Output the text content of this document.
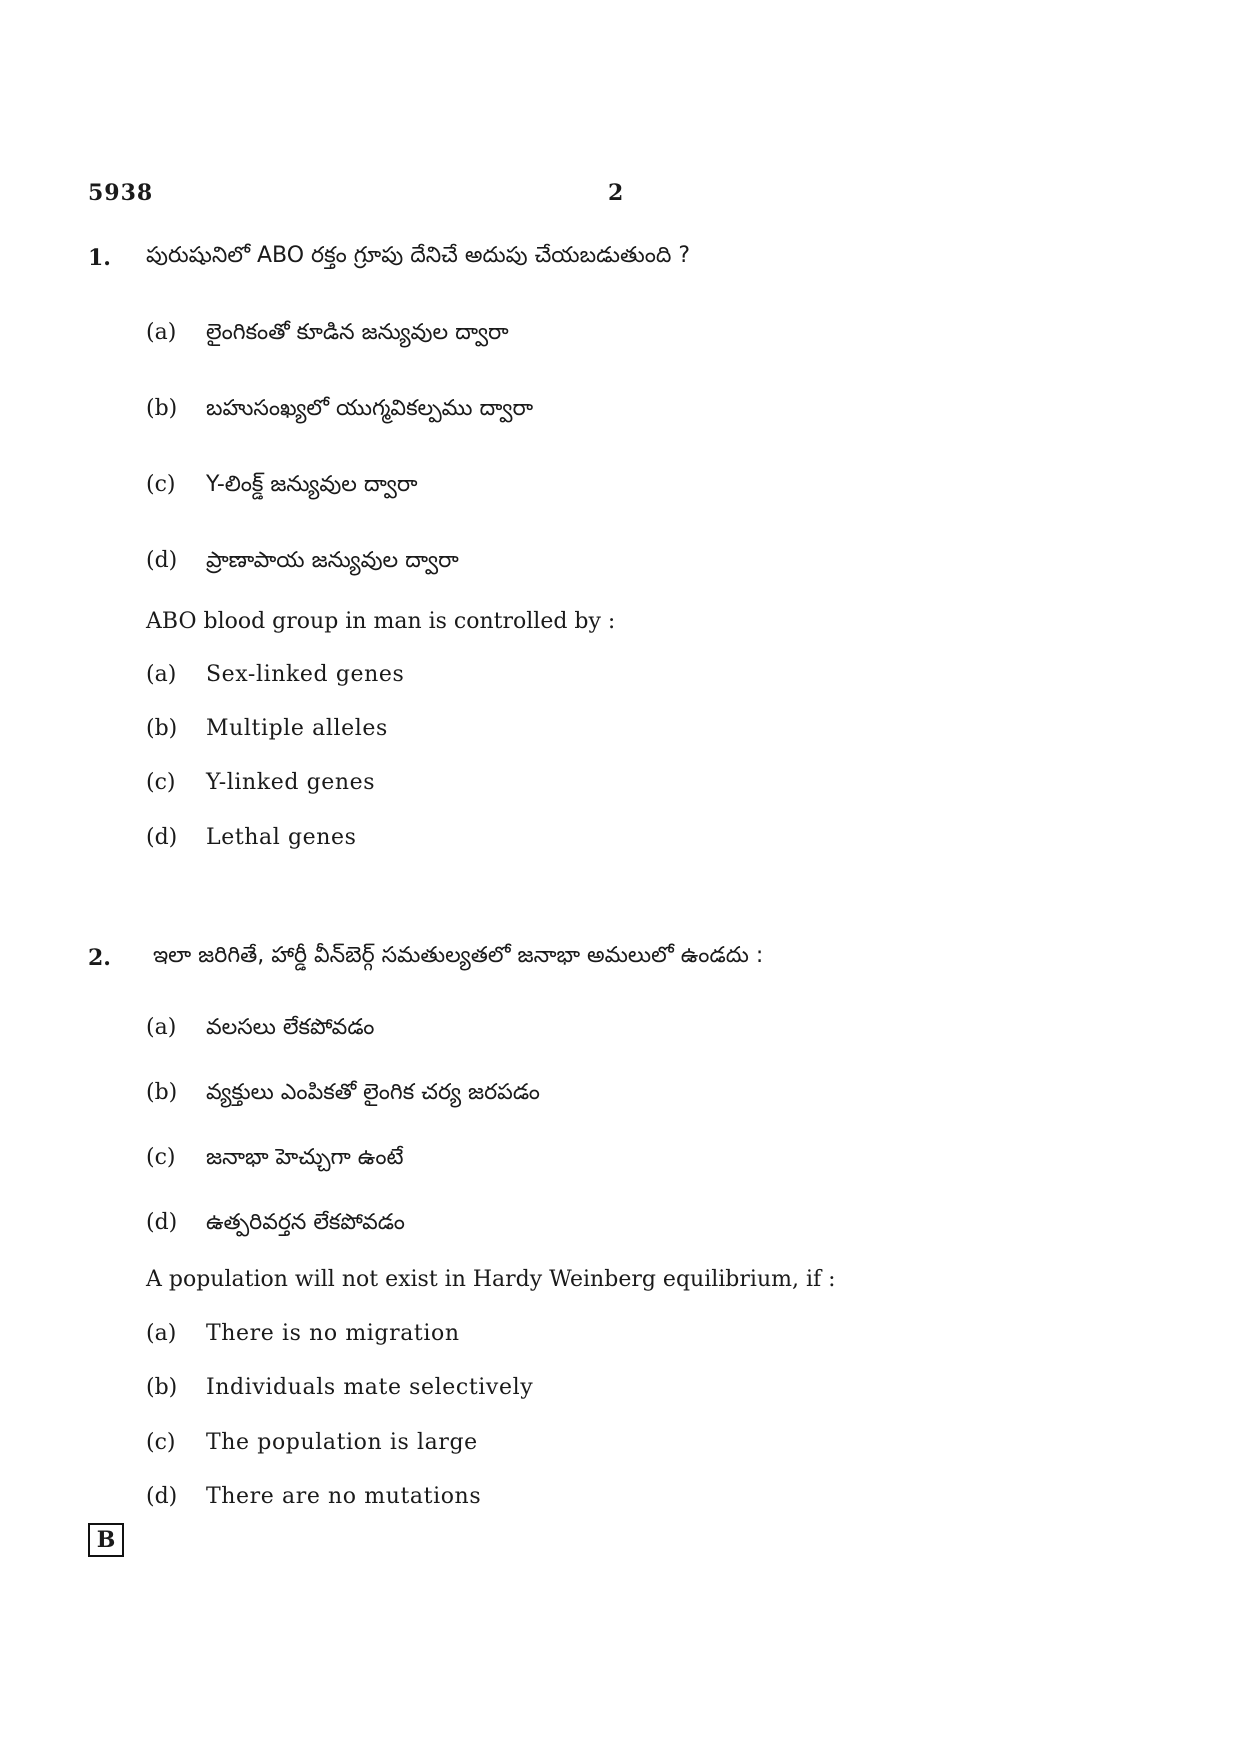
5938	2
1. పురుషునిలో ABO రక్తం గ్రూపు దేనిచే అదుపు చేయబడుతుంది ?
(a) లైంగికంతో కూడిన జన్యువుల ద్వారా
(b) బహుసంఖ్యలో యుగ్మవికల్పము ద్వారా
(c) Y-లింక్డ్ జన్యువుల ద్వారా
(d) ప్రాణాపాయ జన్యువుల ద్వారా
ABO blood group in man is controlled by :
(a) Sex-linked genes
(b) Multiple alleles
(c) Y-linked genes
(d) Lethal genes
2. ఇలా జరిగితే, హార్డీ వీన్‌బెర్గ్ సమతుల్యతలో జనాభా అమలులో ఉండదు :
(a) వలసలు లేకపోవడం
(b) వ్యక్తులు ఎంపికతో లైంగిక చర్య జరపడం
(c) జనాభా హెచ్చుగా ఉంటే
(d) ఉత్పరివర్తన లేకపోవడం
A population will not exist in Hardy Weinberg equilibrium, if :
(a) There is no migration
(b) Individuals mate selectively
(c) The population is large
(d) There are no mutations
B
